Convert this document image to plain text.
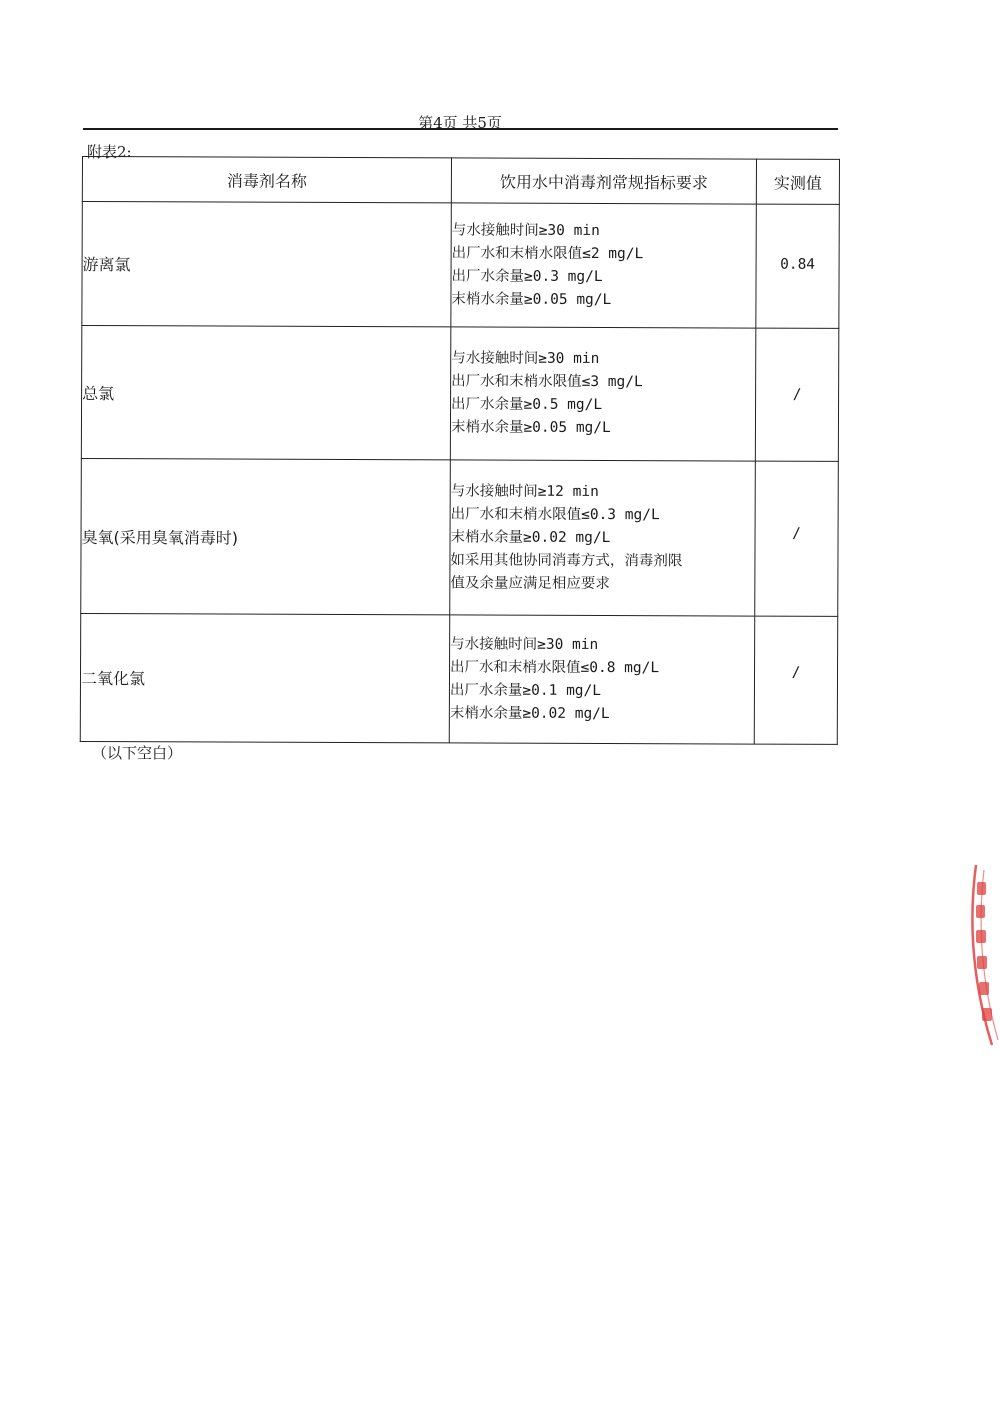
第4页 共5页
附表2:
消毒剂名称	饮用水中消毒剂常规指标要求	实测值
游离氯	与水接触时间≥30 min
出厂水和末梢水限值≤2 mg/L
出厂水余量≥0.3 mg/L
末梢水余量≥0.05 mg/L	0.84
总氯	与水接触时间≥30 min
出厂水和末梢水限值≤3 mg/L
出厂水余量≥0.5 mg/L
末梢水余量≥0.05 mg/L	/
臭氧(采用臭氧消毒时)	与水接触时间≥12 min
出厂水和末梢水限值≤0.3 mg/L
末梢水余量≥0.02 mg/L
如采用其他协同消毒方式，消毒剂限
值及余量应满足相应要求	/
二氧化氯	与水接触时间≥30 min
出厂水和末梢水限值≤0.8 mg/L
出厂水余量≥0.1 mg/L
末梢水余量≥0.02 mg/L	/
（以下空白）
